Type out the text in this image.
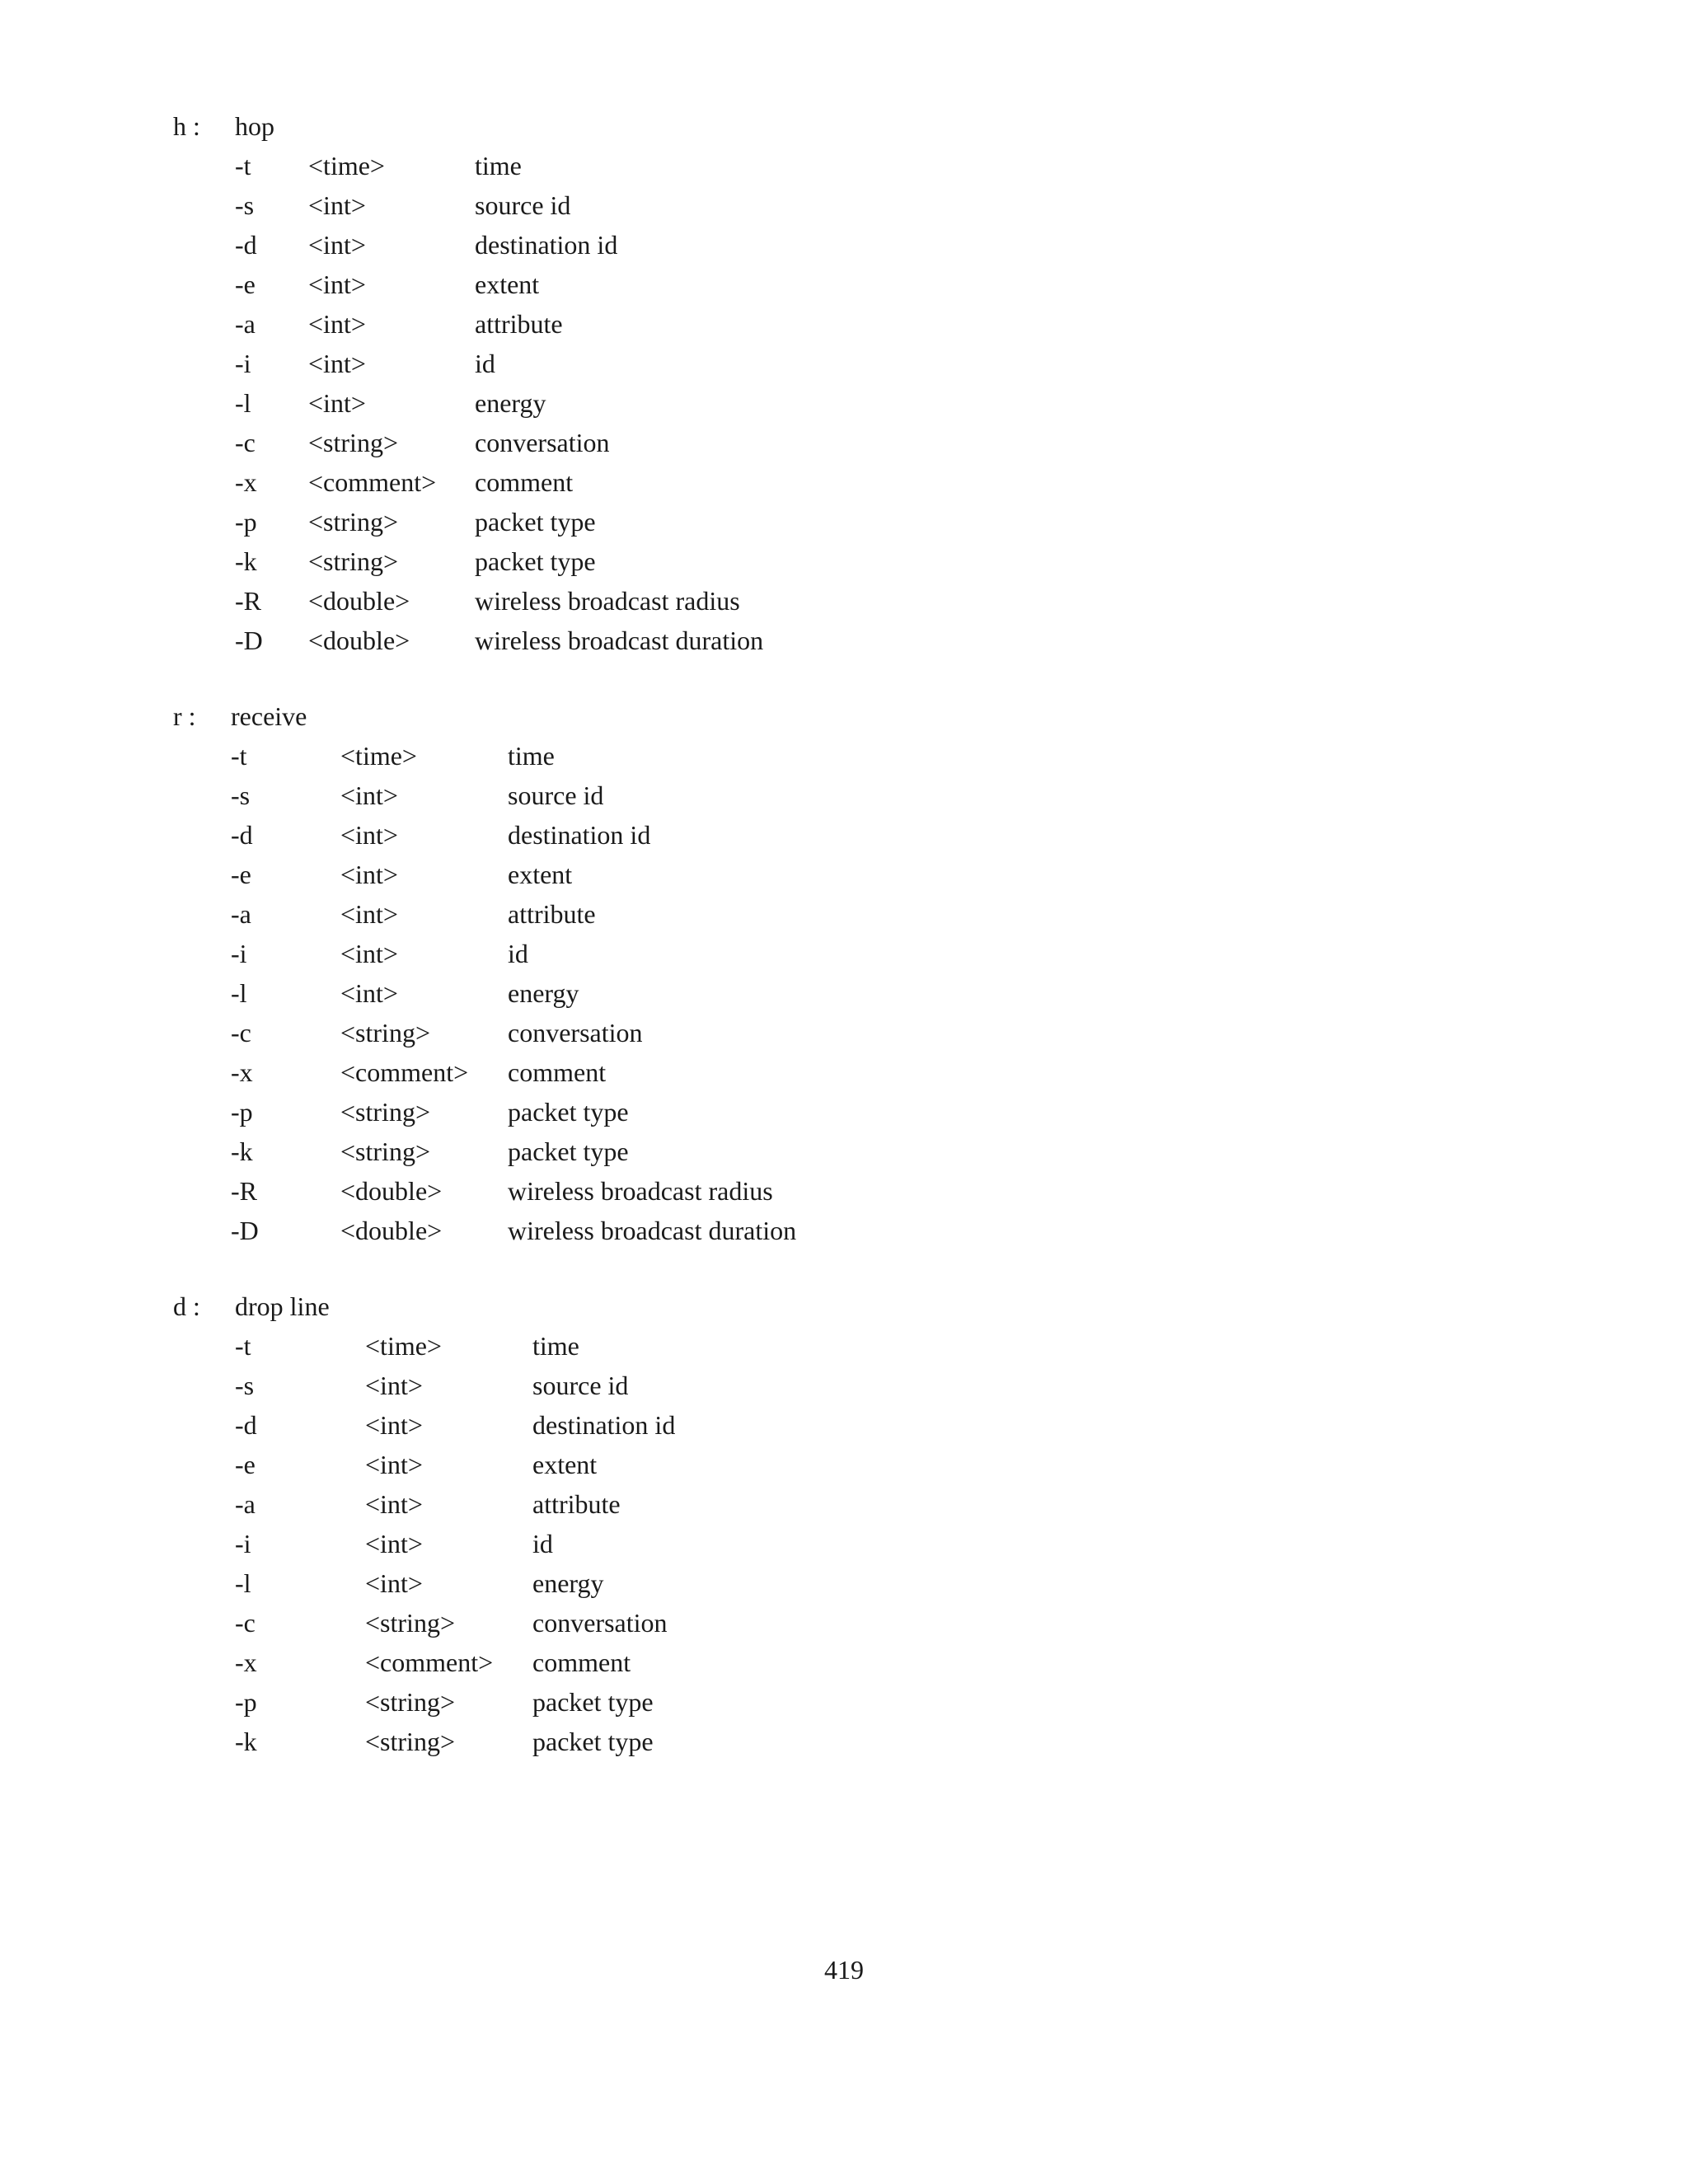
h : hop
-t <time>	time
-s <int>	source id
-d <int>	destination id
-e <int>	extent
-a <int>	attribute
-i <int>	id
-l <int>	energy
-c <string>	conversation
-x <comment> comment
-p <string>	packet type
-k <string>	packet type
-R <double> wireless broadcast radius
-D <double> wireless broadcast duration
r : receive
-t	<time>	time
-s	<int>	source id
-d	<int>	destination id
-e	<int>	extent
-a	<int>	attribute
-i	<int>	id
-l	<int>	energy
-c	<string>	conversation
-x	<comment> comment
-p	<string>	packet type
-k	<string>	packet type
-R	<double> wireless broadcast radius
-D	<double> wireless broadcast duration
d : drop line
-t	<time>	time
-s	<int>	source id
-d	<int>	destination id
-e	<int>	extent
-a	<int>	attribute
-i	<int>	id
-l	<int>	energy
-c	<string>	conversation
-x	<comment> comment
-p	<string>	packet type
-k	<string>	packet type
419
